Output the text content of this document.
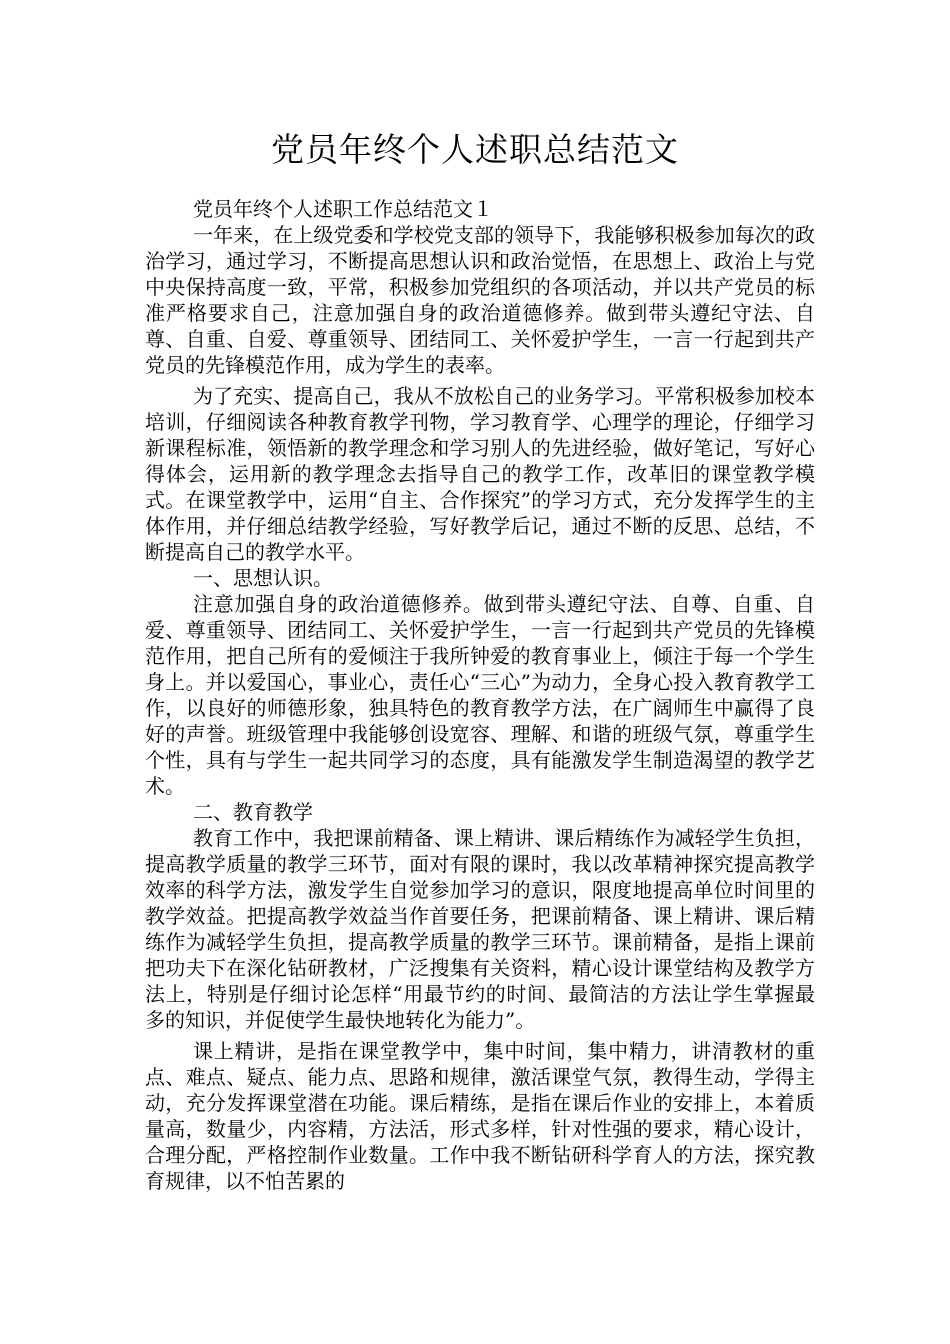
党员年终个人述职总结范文

党员年终个人述职工作总结范文１

一年来，在上级党委和学校党支部的领导下，我能够积极参加每次的政治学习，通过学习，不断提高思想认识和政治觉悟，在思想上、政治上与党中央保持高度一致，平常，积极参加党组织的各项活动，并以共产党员的标准严格要求自己，注意加强自身的政治道德修养。做到带头遵纪守法、自尊、自重、自爱、尊重领导、团结同工、关怀爱护学生，一言一行起到共产党员的先锋模范作用，成为学生的表率。

为了充实、提高自己，我从不放松自己的业务学习。平常积极参加校本培训，仔细阅读各种教育教学刊物，学习教育学、心理学的理论，仔细学习新课程标准，领悟新的教学理念和学习别人的先进经验，做好笔记，写好心得体会，运用新的教学理念去指导自己的教学工作，改革旧的课堂教学模式。在课堂教学中，运用“自主、合作探究”的学习方式，充分发挥学生的主体作用，并仔细总结教学经验，写好教学后记，通过不断的反思、总结，不断提高自己的教学水平。

一、思想认识。

注意加强自身的政治道德修养。做到带头遵纪守法、自尊、自重、自爱、尊重领导、团结同工、关怀爱护学生，一言一行起到共产党员的先锋模范作用，把自己所有的爱倾注于我所钟爱的教育事业上，倾注于每一个学生身上。并以爱国心，事业心，责任心“三心”为动力，全身心投入教育教学工作，以良好的师德形象，独具特色的教育教学方法，在广阔师生中赢得了良好的声誉。班级管理中我能够创设宽容、理解、和谐的班级气氛，尊重学生个性，具有与学生一起共同学习的态度，具有能激发学生制造渴望的教学艺术。

二、教育教学

教育工作中，我把课前精备、课上精讲、课后精练作为减轻学生负担，提高教学质量的教学三环节，面对有限的课时，我以改革精神探究提高教学效率的科学方法，激发学生自觉参加学习的意识，限度地提高单位时间里的教学效益。把提高教学效益当作首要任务，把课前精备、课上精讲、课后精练作为减轻学生负担，提高教学质量的教学三环节。课前精备，是指上课前把功夫下在深化钻研教材，广泛搜集有关资料，精心设计课堂结构及教学方法上，特别是仔细讨论怎样“用最节约的时间、最简洁的方法让学生掌握最多的知识，并促使学生最快地转化为能力”。

课上精讲，是指在课堂教学中，集中时间，集中精力，讲清教材的重点、难点、疑点、能力点、思路和规律，激活课堂气氛，教得生动，学得主动，充分发挥课堂潜在功能。课后精练，是指在课后作业的安排上，本着质量高，数量少，内容精，方法活，形式多样，针对性强的要求，精心设计，合理分配，严格控制作业数量。工作中我不断钻研科学育人的方法，探究教育规律，以不怕苦累的
